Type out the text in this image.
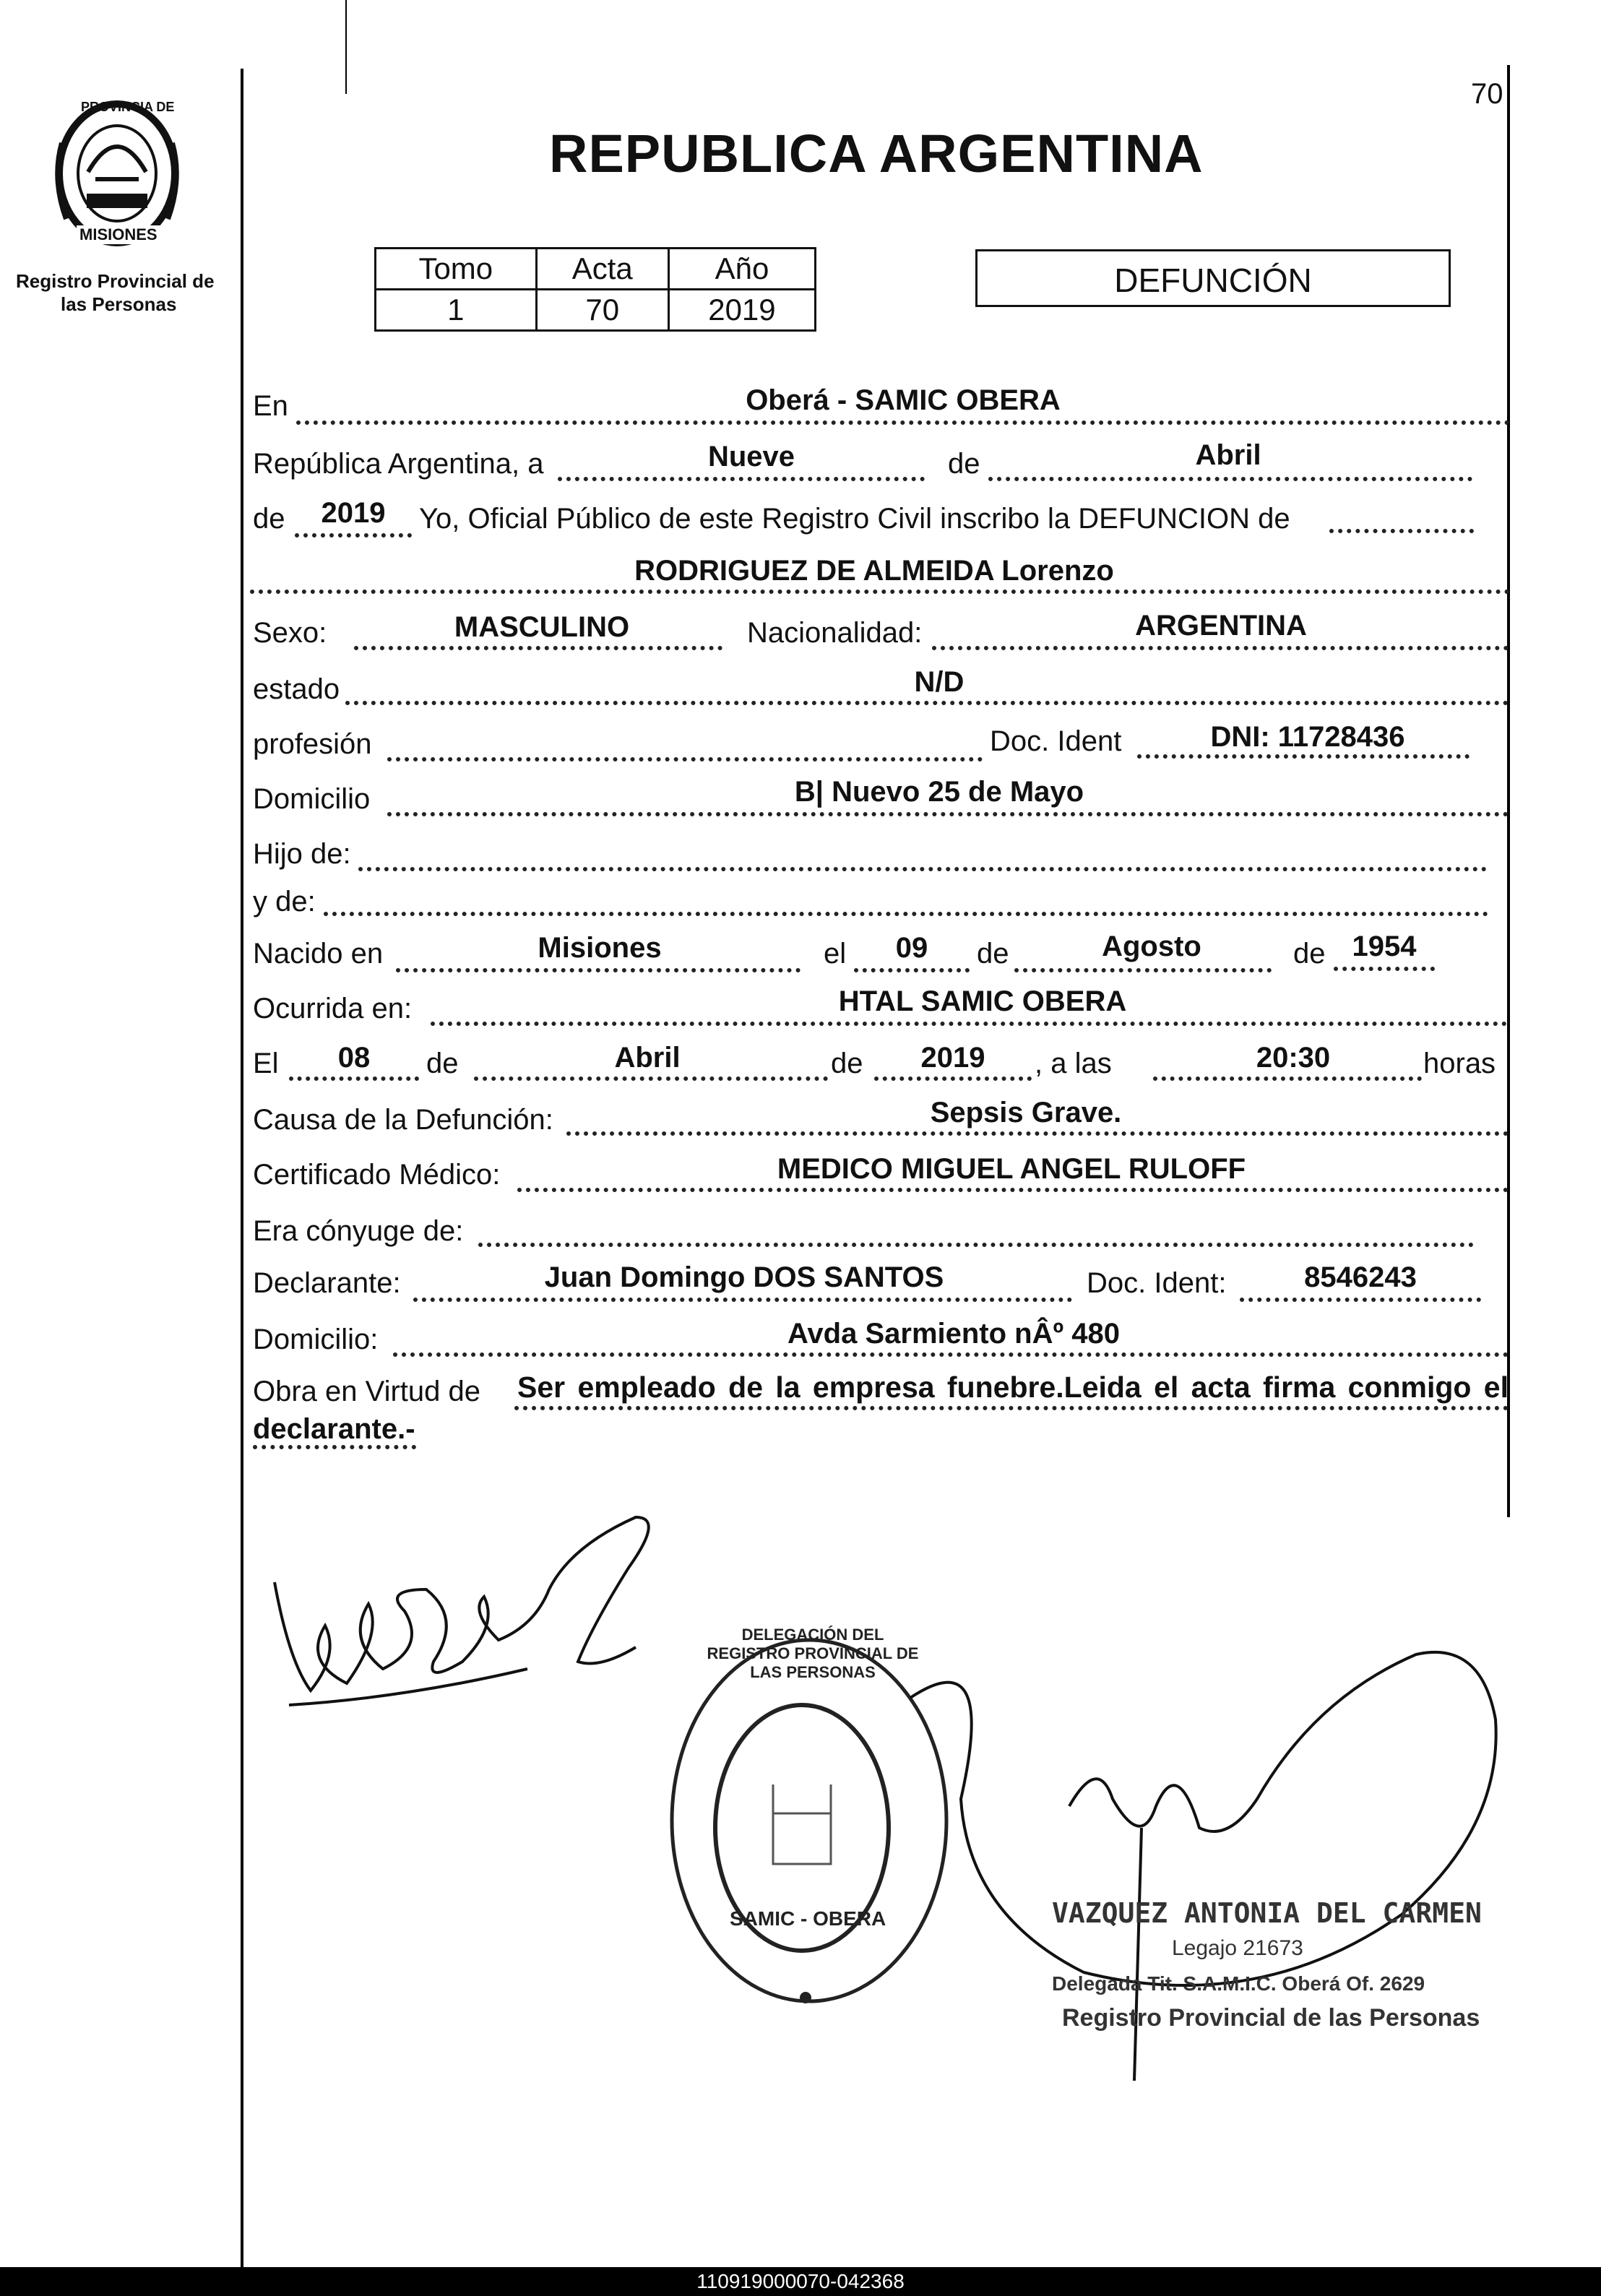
70
PROVINCIA DE
MISIONES
Registro Provincial de
las Personas
REPUBLICA ARGENTINA
Tomo	Acta	Año
1	70	2019
DEFUNCIÓN
En	Oberá - SAMIC OBERA
República Argentina, a	Nueve	de	Abril
de	2019	Yo, Oficial Público de este Registro Civil inscribo la DEFUNCION de
RODRIGUEZ DE ALMEIDA Lorenzo
Sexo:	MASCULINO	Nacionalidad:	ARGENTINA
estado	N/D
profesión	Doc. Ident	DNI: 11728436
Domicilio	B| Nuevo 25 de Mayo
Hijo de:
y de:
Nacido en	Misiones	el	09	de	Agosto	de 1954
Ocurrida en:	HTAL SAMIC OBERA
El	08	de	Abril	de	2019	, a las	20:30	horas
Causa de la Defunción:	Sepsis Grave.
Certificado Médico:	MEDICO MIGUEL ANGEL RULOFF
Era cónyuge de:
Declarante:	Juan Domingo DOS SANTOS	Doc. Ident:	8546243
Domicilio:	Avda Sarmiento nÂº 480
Obra en Virtud de Ser empleado de la empresa funebre.Leida el acta firma conmigo el
declarante.-
DELEGACIÓN DEL REGISTRO PROVINCIAL DE LAS PERSONAS
SAMIC - OBERA	VAZQUEZ ANTONIA DEL CARMEN
Legajo 21673
Delegada Tit. S.A.M.I.C. Oberá Of. 2629
Registro Provincial de las Personas
110919000070-042368
